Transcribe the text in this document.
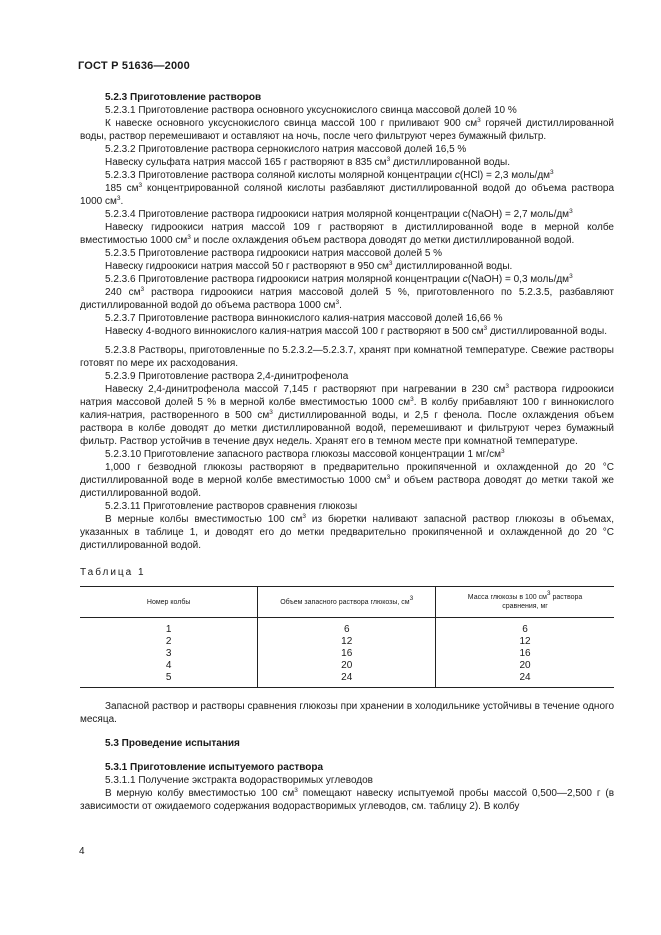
ГОСТ Р 51636—2000

5.2.3 Приготовление растворов

5.2.3.1 Приготовление раствора основного уксуснокислого свинца массовой долей 10 %

К навеске основного уксуснокислого свинца массой 100 г приливают 900 $см^3$ горячей дистиллированной воды, раствор перемешивают и оставляют на ночь, после чего фильтруют через бумажный фильтр.

5.2.3.2 Приготовление раствора сернокислого натрия массовой долей 16,5 %

Навеску сульфата натрия массой 165 г растворяют в 835 $см^3$ дистиллированной воды.

5.2.3.3 Приготовление раствора соляной кислоты молярной концентрации c(HCl) = 2,3 моль/$дм^3$

185 $см^3$ концентрированной соляной кислоты разбавляют дистиллированной водой до объема раствора 1000 $см^3$.

5.2.3.4 Приготовление раствора гидроокиси натрия молярной концентрации c(NaOH) = 2,7 моль/$дм^3$

Навеску гидроокиси натрия массой 109 г растворяют в дистиллированной воде в мерной колбе вместимостью 1000 $см^3$ и после охлаждения объем раствора доводят до метки дистиллированной водой.

5.2.3.5 Приготовление раствора гидроокиси натрия массовой долей 5 %

Навеску гидроокиси натрия массой 50 г растворяют в 950 $см^3$ дистиллированной воды.

5.2.3.6 Приготовление раствора гидроокиси натрия молярной концентрации c(NaOH) = 0,3 моль/$дм^3$

240 $см^3$ раствора гидроокиси натрия массовой долей 5 %, приготовленного по 5.2.3.5, разбавляют дистиллированной водой до объема раствора 1000 $см^3$.

5.2.3.7 Приготовление раствора виннокислого калия-натрия массовой долей 16,66 %

Навеску 4-водного виннокислого калия-натрия массой 100 г растворяют в 500 $см^3$ дистиллированной воды.

5.2.3.8 Растворы, приготовленные по 5.2.3.2—5.2.3.7, хранят при комнатной температуре. Свежие растворы готовят по мере их расходования.

5.2.3.9 Приготовление раствора 2,4-динитрофенола

Навеску 2,4-динитрофенола массой 7,145 г растворяют при нагревании в 230 $см^3$ раствора гидроокиси натрия массовой долей 5 % в мерной колбе вместимостью 1000 $см^3$. В колбу прибавляют 100 г виннокислого калия-натрия, растворенного в 500 $см^3$ дистиллированной воды, и 2,5 г фенола. После охлаждения объем раствора в колбе доводят до метки дистиллированной водой, перемешивают и фильтруют через бумажный фильтр. Раствор устойчив в течение двух недель. Хранят его в темном месте при комнатной температуре.

5.2.3.10 Приготовление запасного раствора глюкозы массовой концентрации 1 $мг/см^3$

1,000 г безводной глюкозы растворяют в предварительно прокипяченной и охлажденной до 20 °С дистиллированной воде в мерной колбе вместимостью 1000 $см^3$ и объем раствора доводят до метки такой же дистиллированной водой.

5.2.3.11 Приготовление растворов сравнения глюкозы

В мерные колбы вместимостью 100 $см^3$ из бюретки наливают запасной раствор глюкозы в объемах, указанных в таблице 1, и доводят его до метки предварительно прокипяченной и охлажденной до 20 °С дистиллированной водой.

Таблица 1
Номер колбы	Объем запасного раствора глюкозы, $см^3$	Масса глюкозы в 100 $см^3$ раствора сравнения, мг
1	6	6
2	12	12
3	16	16
4	20	20
5	24	24

Запасной раствор и растворы сравнения глюкозы при хранении в холодильнике устойчивы в течение одного месяца.

5.3 Проведение испытания

5.3.1 Приготовление испытуемого раствора

5.3.1.1 Получение экстракта водорастворимых углеводов

В мерную колбу вместимостью 100 $см^3$ помещают навеску испытуемой пробы массой 0,500—2,500 г (в зависимости от ожидаемого содержания водорастворимых углеводов, см. таблицу 2). В колбу

4
